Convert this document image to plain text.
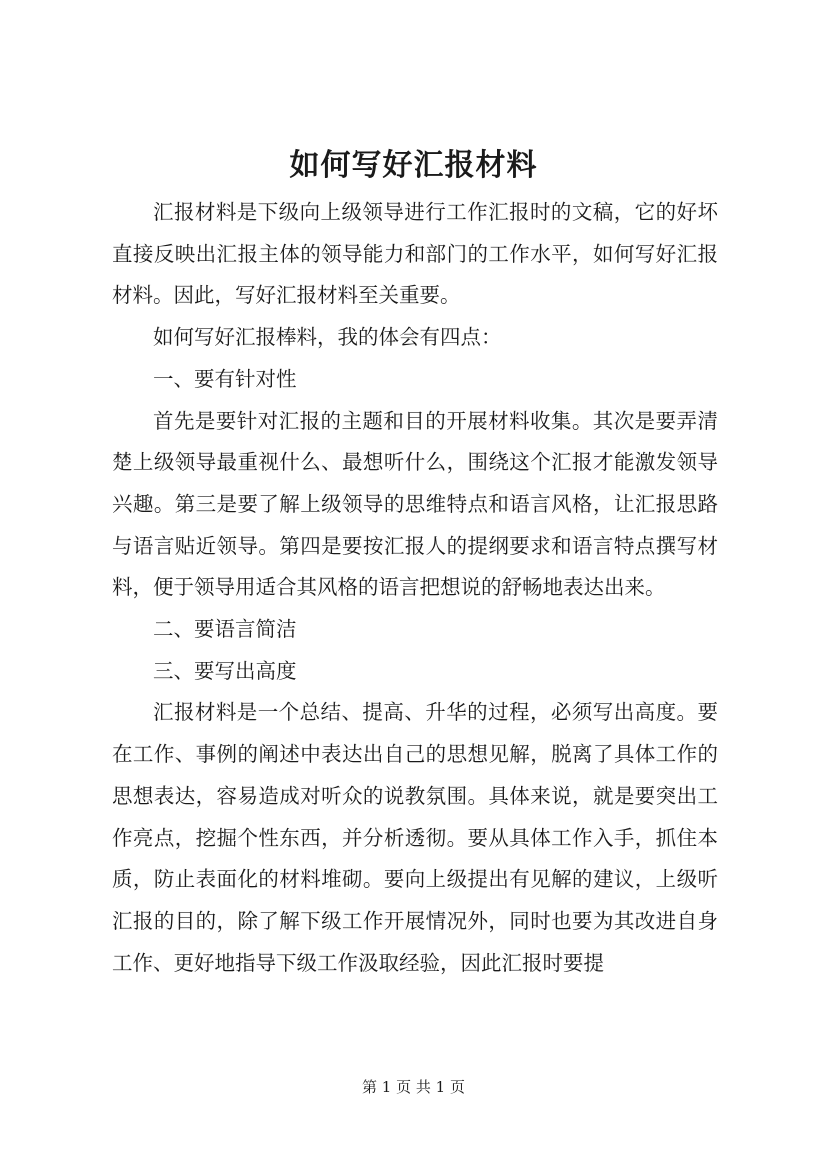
如何写好汇报材料

汇报材料是下级向上级领导进行工作汇报时的文稿，它的好坏直接反映出汇报主体的领导能力和部门的工作水平，如何写好汇报材料。因此，写好汇报材料至关重要。

如何写好汇报棒料，我的体会有四点：

一、要有针对性

首先是要针对汇报的主题和目的开展材料收集。其次是要弄清楚上级领导最重视什么、最想听什么，围绕这个汇报才能激发领导兴趣。第三是要了解上级领导的思维特点和语言风格，让汇报思路与语言贴近领导。第四是要按汇报人的提纲要求和语言特点撰写材料，便于领导用适合其风格的语言把想说的舒畅地表达出来。

二、要语言简洁

三、要写出高度

汇报材料是一个总结、提高、升华的过程，必须写出高度。要在工作、事例的阐述中表达出自己的思想见解，脱离了具体工作的思想表达，容易造成对听众的说教氛围。具体来说，就是要突出工作亮点，挖掘个性东西，并分析透彻。要从具体工作入手，抓住本质，防止表面化的材料堆砌。要向上级提出有见解的建议，上级听汇报的目的，除了解下级工作开展情况外，同时也要为其改进自身工作、更好地指导下级工作汲取经验，因此汇报时要提

第 1 页 共 1 页
